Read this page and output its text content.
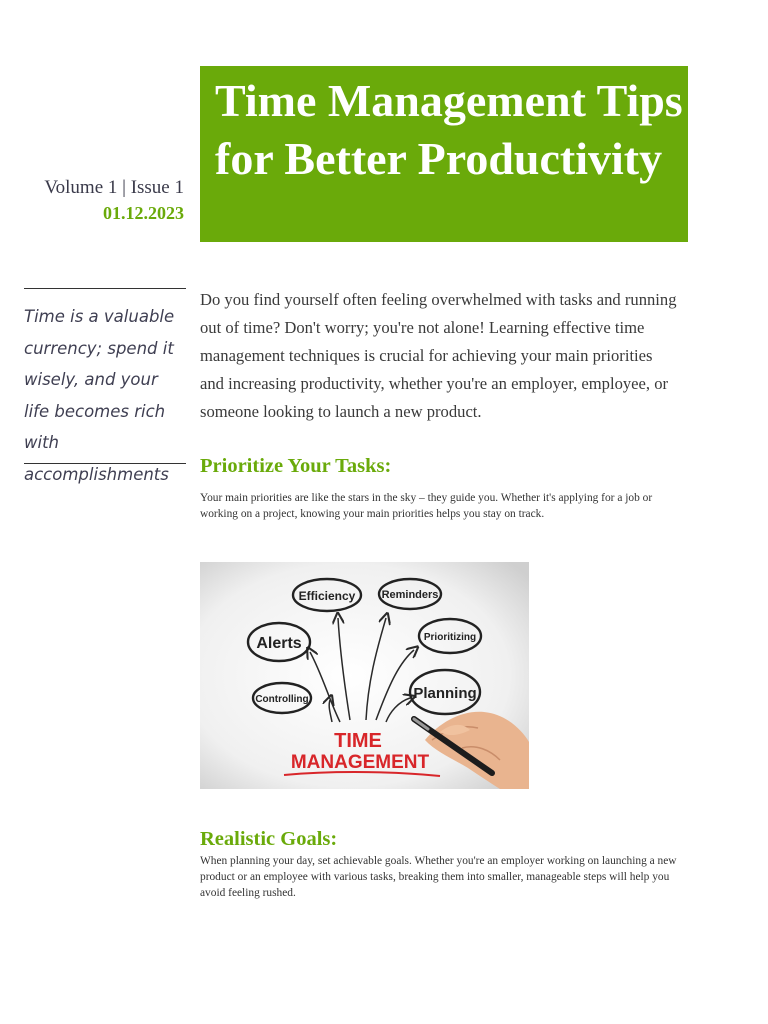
Time Management Tips for Better Productivity
Volume 1 | Issue 1
01.12.2023

Time is a valuable currency; spend it wisely, and your life becomes rich with accomplishments

Do you find yourself often feeling overwhelmed with tasks and running out of time? Don't worry; you're not alone! Learning effective time management techniques is crucial for achieving your main priorities and increasing productivity, whether you're an employer, employee, or someone looking to launch a new product.

Prioritize Your Tasks:

Your main priorities are like the stars in the sky – they guide you. Whether it's applying for a job or working on a project, knowing your main priorities helps you stay on track.

Efficiency Reminders
Alerts	Prioritizing
Controlling	Planning
TIME
MANAGEMENT
Realistic Goals:

When planning your day, set achievable goals. Whether you're an employer working on launching a new product or an employee with various tasks, breaking them into smaller, manageable steps will help you avoid feeling rushed.
